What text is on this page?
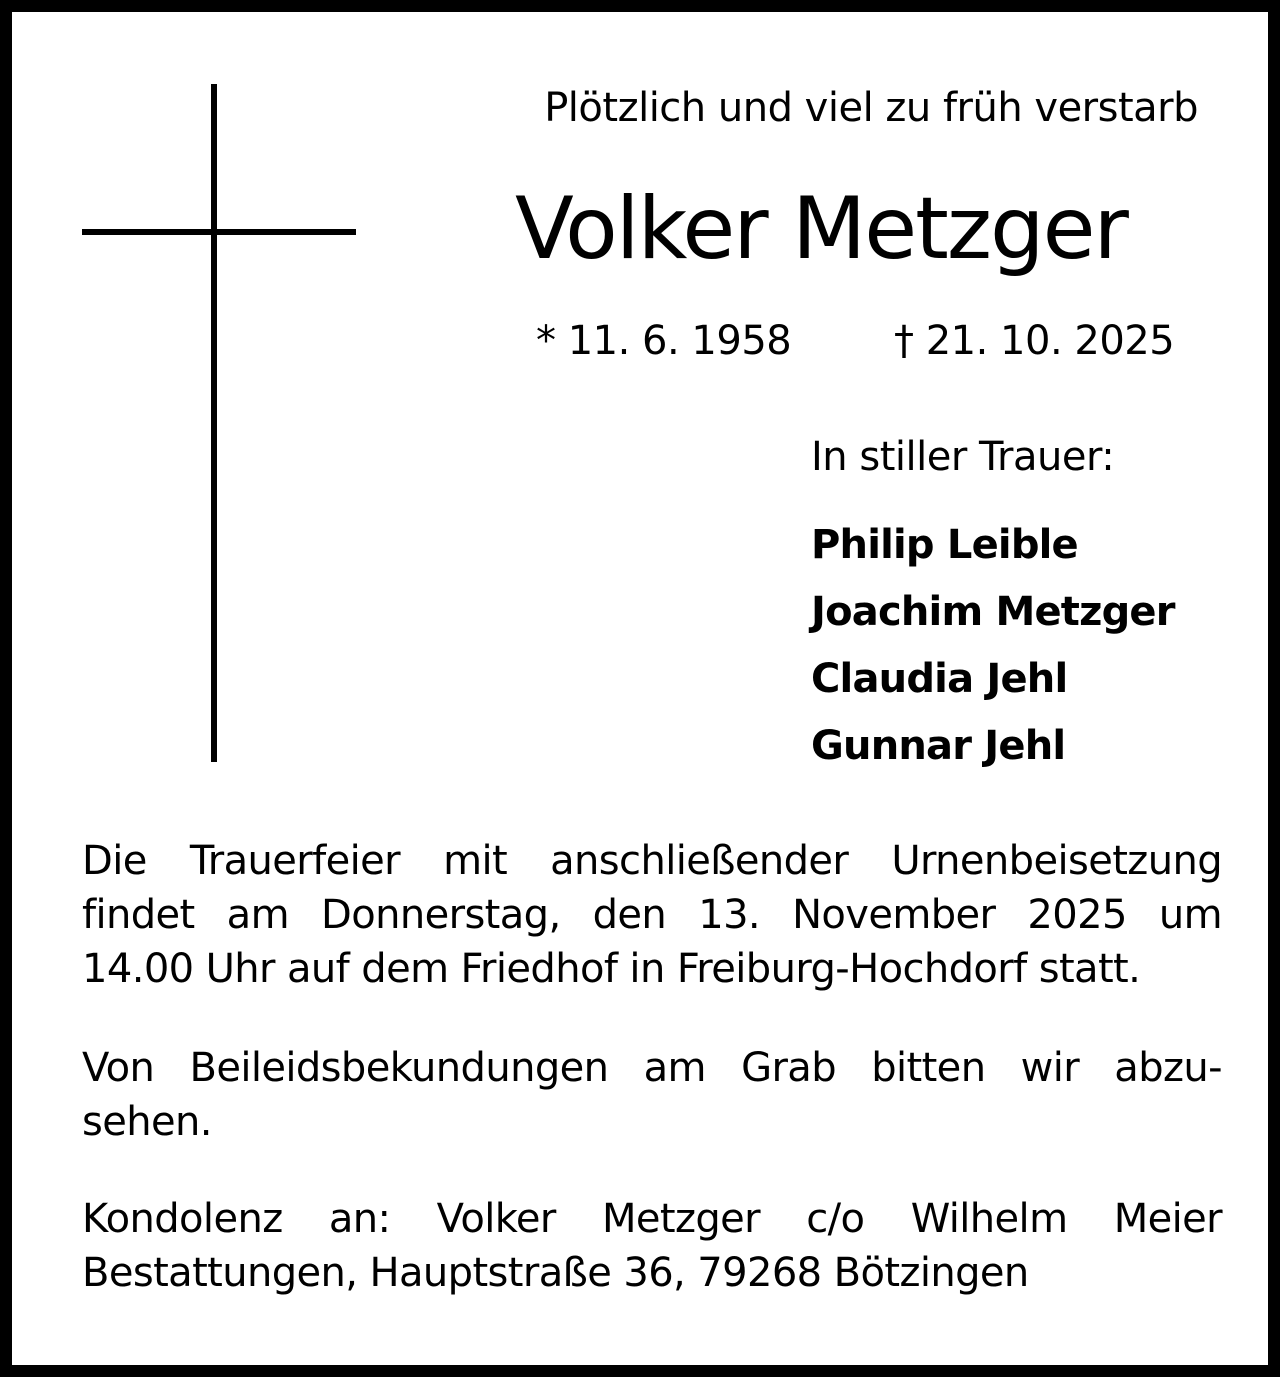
Plötzlich und viel zu früh verstarb
Volker Metzger
* 11. 6. 1958	† 21. 10. 2025
In stiller Trauer:
Philip Leible
Joachim Metzger
Claudia Jehl
Gunnar Jehl

Die Trauerfeier mit anschließender Urnenbeisetzung
findet am Donnerstag, den 13. November 2025 um
14.00 Uhr auf dem Friedhof in Freiburg-Hochdorf statt.

Von Beileidsbekundungen am Grab bitten wir abzu-
sehen.

Kondolenz an: Volker Metzger c/o Wilhelm Meier
Bestattungen, Hauptstraße 36, 79268 Bötzingen
